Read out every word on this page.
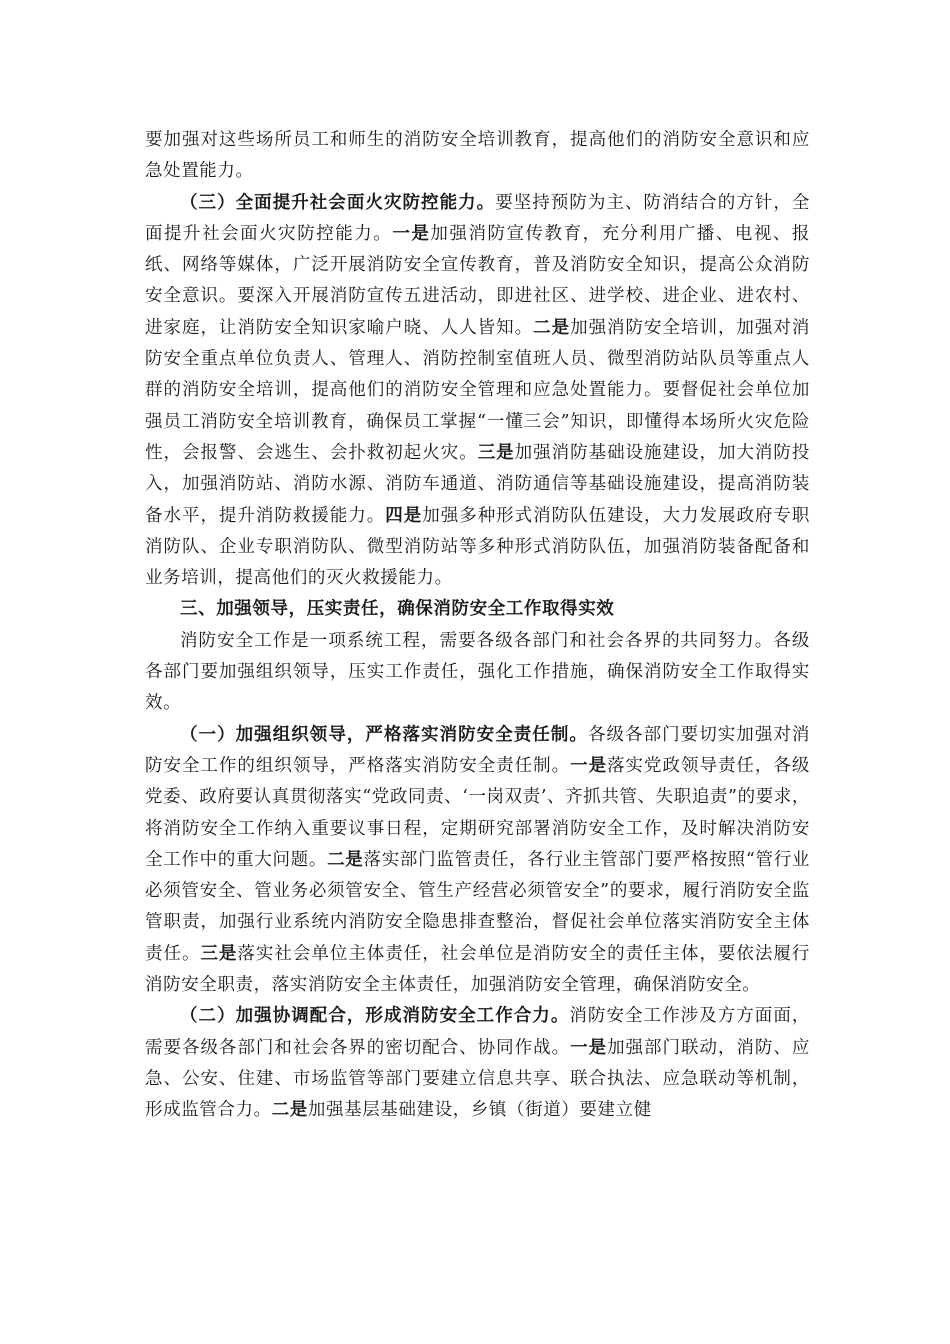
要加强对这些场所员工和师生的消防安全培训教育，提高他们的消防安全意识和应急处置能力。

（三）全面提升社会面火灾防控能力。要坚持预防为主、防消结合的方针，全面提升社会面火灾防控能力。一是加强消防宣传教育，充分利用广播、电视、报纸、网络等媒体，广泛开展消防安全宣传教育，普及消防安全知识，提高公众消防安全意识。要深入开展消防宣传五进活动，即进社区、进学校、进企业、进农村、进家庭，让消防安全知识家喻户晓、人人皆知。二是加强消防安全培训，加强对消防安全重点单位负责人、管理人、消防控制室值班人员、微型消防站队员等重点人群的消防安全培训，提高他们的消防安全管理和应急处置能力。要督促社会单位加强员工消防安全培训教育，确保员工掌握“一懂三会”知识，即懂得本场所火灾危险性，会报警、会逃生、会扑救初起火灾。三是加强消防基础设施建设，加大消防投入，加强消防站、消防水源、消防车通道、消防通信等基础设施建设，提高消防装备水平，提升消防救援能力。四是加强多种形式消防队伍建设，大力发展政府专职消防队、企业专职消防队、微型消防站等多种形式消防队伍，加强消防装备配备和业务培训，提高他们的灭火救援能力。

三、加强领导，压实责任，确保消防安全工作取得实效

消防安全工作是一项系统工程，需要各级各部门和社会各界的共同努力。各级各部门要加强组织领导，压实工作责任，强化工作措施，确保消防安全工作取得实效。

（一）加强组织领导，严格落实消防安全责任制。各级各部门要切实加强对消防安全工作的组织领导，严格落实消防安全责任制。一是落实党政领导责任，各级党委、政府要认真贯彻落实“党政同责、‘一岗双责’、齐抓共管、失职追责”的要求，将消防安全工作纳入重要议事日程，定期研究部署消防安全工作，及时解决消防安全工作中的重大问题。二是落实部门监管责任，各行业主管部门要严格按照“管行业必须管安全、管业务必须管安全、管生产经营必须管安全”的要求，履行消防安全监管职责，加强行业系统内消防安全隐患排查整治，督促社会单位落实消防安全主体责任。三是落实社会单位主体责任，社会单位是消防安全的责任主体，要依法履行消防安全职责，落实消防安全主体责任，加强消防安全管理，确保消防安全。

（二）加强协调配合，形成消防安全工作合力。消防安全工作涉及方方面面，需要各级各部门和社会各界的密切配合、协同作战。一是加强部门联动，消防、应急、公安、住建、市场监管等部门要建立信息共享、联合执法、应急联动等机制，形成监管合力。二是加强基层基础建设，乡镇（街道）要建立健
